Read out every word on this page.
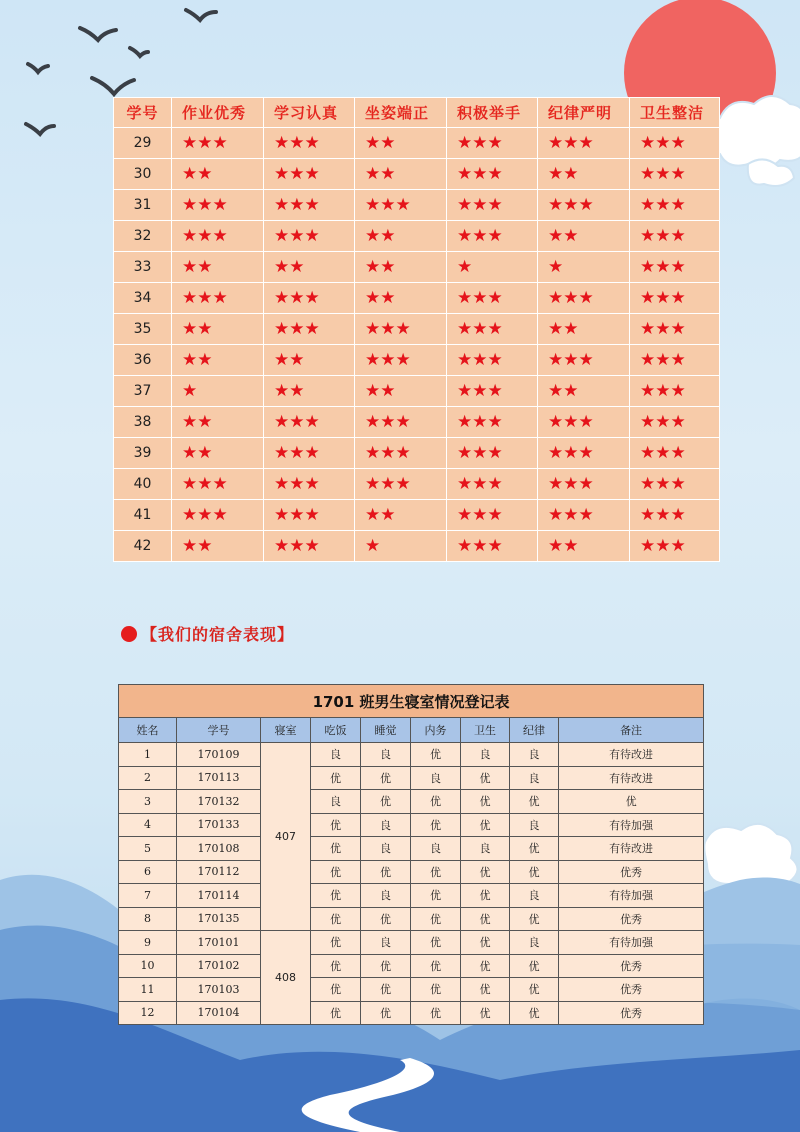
学号	作业优秀	学习认真	坐姿端正	积极举手	纪律严明	卫生整洁
29	★★★	★★★	★★	★★★	★★★	★★★
30	★★	★★★	★★	★★★	★★	★★★
31	★★★	★★★	★★★	★★★	★★★	★★★
32	★★★	★★★	★★	★★★	★★	★★★
33	★★	★★	★★	★	★	★★★
34	★★★	★★★	★★	★★★	★★★	★★★
35	★★	★★★	★★★	★★★	★★	★★★
36	★★	★★	★★★	★★★	★★★	★★★
37	★	★★	★★	★★★	★★	★★★
38	★★	★★★	★★★	★★★	★★★	★★★
39	★★	★★★	★★★	★★★	★★★	★★★
40	★★★	★★★	★★★	★★★	★★★	★★★
41	★★★	★★★	★★	★★★	★★★	★★★
42	★★	★★★	★	★★★	★★	★★★
【我们的宿舍表现】
1701 班男生寝室情况登记表								
姓名	学号	寝室	吃饭	睡觉	内务	卫生	纪律	备注
1	170109	407	良	良	优	良	良	有待改进
2	170113		优	优	良	优	良	有待改进
3	170132		良	优	优	优	优	优
4	170133		优	良	优	优	良	有待加强
5	170108		优	良	良	良	优	有待改进
6	170112		优	优	优	优	优	优秀
7	170114		优	良	优	优	良	有待加强
8	170135		优	优	优	优	优	优秀
9	170101	408	优	良	优	优	良	有待加强
10	170102		优	优	优	优	优	优秀
11	170103		优	优	优	优	优	优秀
12	170104		优	优	优	优	优	优秀
